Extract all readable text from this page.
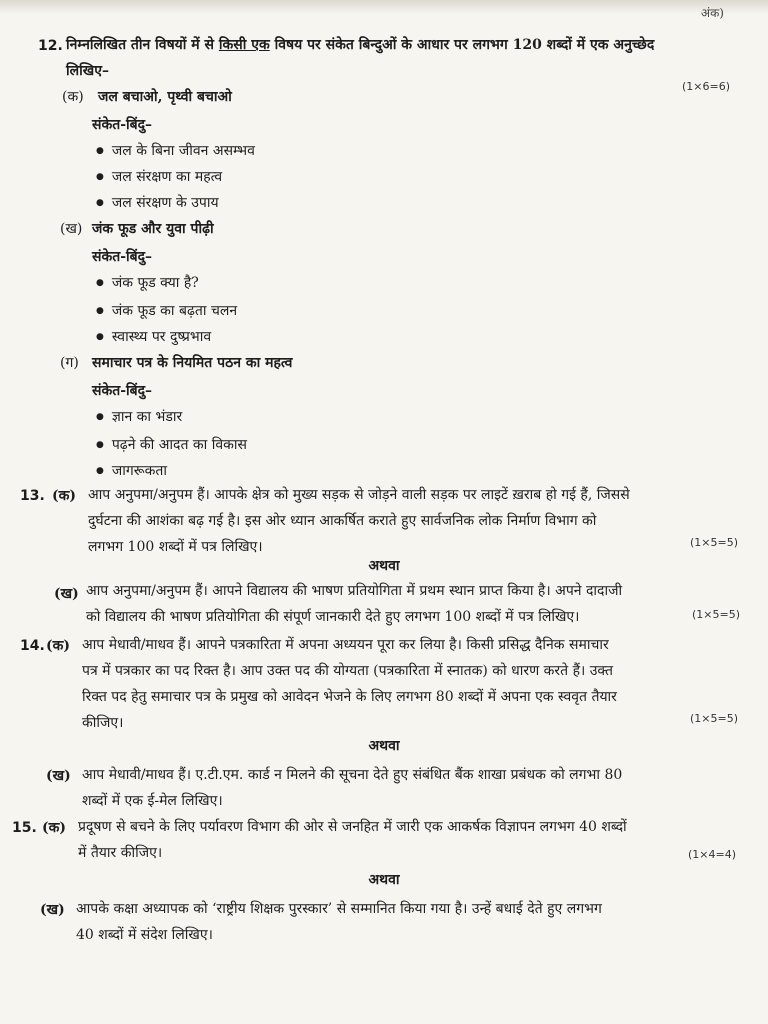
अंक)
12. निम्नलिखित तीन विषयों में से किसी एक विषय पर संकेत बिन्दुओं के आधार पर लगभग 120 शब्दों में एक अनुच्छेद
लिखिए–
(1×6=6)
(क) जल बचाओ, पृथ्वी बचाओ
संकेत-बिंदु–
● जल के बिना जीवन असम्भव
● जल संरक्षण का महत्व
● जल संरक्षण के उपाय
(ख) जंक फूड और युवा पीढ़ी
संकेत-बिंदु–
● जंक फूड क्या है?
● जंक फूड का बढ़ता चलन
● स्वास्थ्य पर दुष्प्रभाव
(ग) समाचार पत्र के नियमित पठन का महत्व
संकेत-बिंदु–
● ज्ञान का भंडार
● पढ़ने की आदत का विकास
● जागरूकता
13. (क) आप अनुपमा/अनुपम हैं। आपके क्षेत्र को मुख्य सड़क से जोड़ने वाली सड़क पर लाइटें ख़राब हो गई हैं, जिससे
दुर्घटना की आशंका बढ़ गई है। इस ओर ध्यान आकर्षित कराते हुए सार्वजनिक लोक निर्माण विभाग को
लगभग 100 शब्दों में पत्र लिखिए।	(1×5=5)
अथवा
(ख) आप अनुपमा/अनुपम हैं। आपने विद्यालय की भाषण प्रतियोगिता में प्रथम स्थान प्राप्त किया है। अपने दादाजी
को विद्यालय की भाषण प्रतियोगिता की संपूर्ण जानकारी देते हुए लगभग 100 शब्दों में पत्र लिखिए।	(1×5=5)
14. (क) आप मेधावी/माधव हैं। आपने पत्रकारिता में अपना अध्ययन पूरा कर लिया है। किसी प्रसिद्ध दैनिक समाचार
पत्र में पत्रकार का पद रिक्त है। आप उक्त पद की योग्यता (पत्रकारिता में स्नातक) को धारण करते हैं। उक्त
रिक्त पद हेतु समाचार पत्र के प्रमुख को आवेदन भेजने के लिए लगभग 80 शब्दों में अपना एक स्ववृत तैयार
कीजिए।	(1×5=5)
अथवा
(ख) आप मेधावी/माधव हैं। ए.टी.एम. कार्ड न मिलने की सूचना देते हुए संबंधित बैंक शाखा प्रबंधक को लगभा 80
शब्दों में एक ई-मेल लिखिए।
15. (क) प्रदूषण से बचने के लिए पर्यावरण विभाग की ओर से जनहित में जारी एक आकर्षक विज्ञापन लगभग 40 शब्दों
में तैयार कीजिए।	(1×4=4)
अथवा
(ख) आपके कक्षा अध्यापक को ‘राष्ट्रीय शिक्षक पुरस्कार’ से सम्मानित किया गया है। उन्हें बधाई देते हुए लगभग
40 शब्दों में संदेश लिखिए।
